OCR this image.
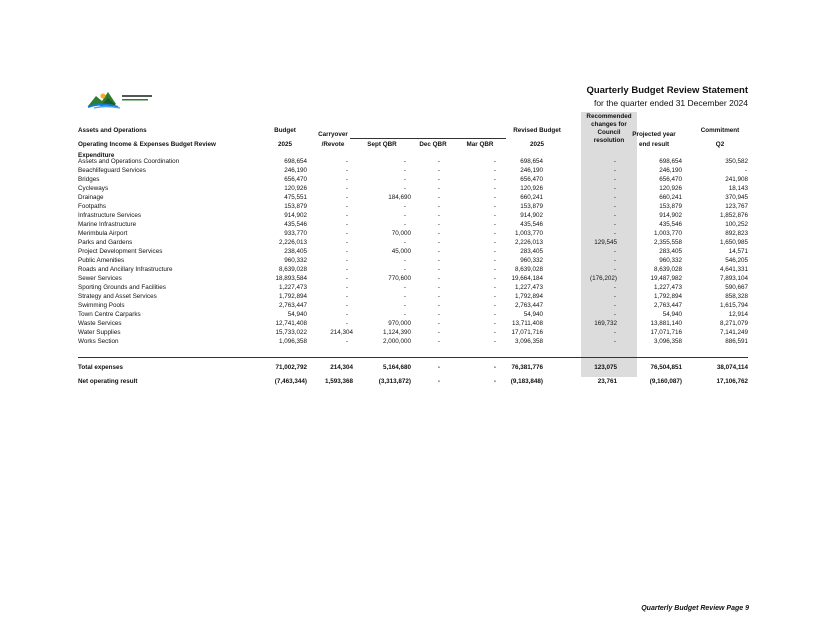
Quarterly Budget Review Statement
for the quarter ended 31 December 2024
Assets and Operations
Operating Income & Expenses Budget Review
Budget
2025
Carryover
/Revote	Sept QBR	Dec QBR	Mar QBR
Revised Budget
2025
Recommended
changes for
Council
resolution
Projected year
end result
Commitment
Q2
Expenditure
Assets and Operations Coordination	698,654	-	-	-	-	698,654	-	698,654	350,582
Beachlifeguard Services	246,190	-	-	-	-	246,190	-	246,190	-
Bridges	656,470	-	-	-	-	656,470	-	656,470	241,908
Cycleways	120,926	-	-	-	-	120,926	-	120,926	18,143
Drainage	475,551	-	184,690	-	-	660,241	-	660,241	370,945
Footpaths	153,879	-	-	-	-	153,879	-	153,879	123,767
Infrastructure Services	914,902	-	-	-	-	914,902	-	914,902	1,852,876
Marine Infrastructure	435,546	-	-	-	-	435,546	-	435,546	100,252
Merimbula Airport	933,770	-	70,000	-	-	1,003,770	-	1,003,770	892,823
Parks and Gardens	2,226,013	-	-	-	-	2,226,013	129,545	2,355,558	1,650,985
Project Development Services	238,405	-	45,000	-	-	283,405	-	283,405	14,571
Public Amenities	960,332	-	-	-	-	960,332	-	960,332	546,205
Roads and Ancillary Infrastructure	8,639,028	-	-	-	-	8,639,028	-	8,639,028	4,641,331
Sewer Services	18,893,584	-	770,600	-	- 19,664,184	(176,202)	19,487,982	7,893,104
Sporting Grounds and Facilities	1,227,473	-	-	-	-	1,227,473	-	1,227,473	590,667
Strategy and Asset Services	1,792,894	-	-	-	-	1,792,894	-	1,792,894	858,328
Swimming Pools	2,763,447	-	-	-	-	2,763,447	-	2,763,447	1,615,794
Town Centre Carparks	54,940	-	-	-	-	54,940	-	54,940	12,914
Waste Services	12,741,408	-	970,000	-	-	13,711,408	169,732	13,881,140	8,271,079
Water Supplies	15,733,022	214,304	1,124,390	-	- 17,071,716	-	17,071,716	7,141,249
Works Section	1,096,358	-	2,000,000	-	-	3,096,358	-	3,096,358	886,591
Total expenses	71,002,792	214,304	5,164,680	-	- 76,381,776	123,075	76,504,851	38,074,114
Net operating result	(7,463,344)	1,593,368	(3,313,872)	-	- (9,183,848)	23,761	(9,160,087)	17,106,762
Quarterly Budget Review Page 9
